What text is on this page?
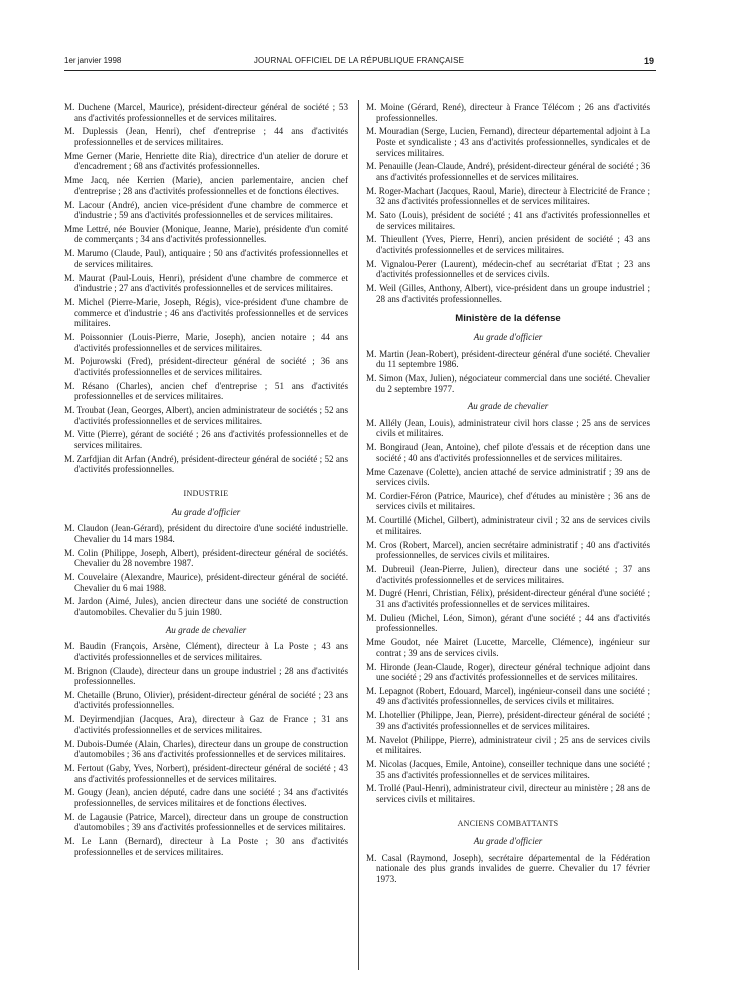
1er janvier 1998	JOURNAL OFFICIEL DE LA RÉPUBLIQUE FRANÇAISE	19

M. Duchene (Marcel, Maurice), président-directeur général de société ; 53 ans d'activités professionnelles et de services militaires.

M. Duplessis (Jean, Henri), chef d'entreprise ; 44 ans d'activités professionnelles et de services militaires.

Mme Gerner (Marie, Henriette dite Ria), directrice d'un atelier de dorure et d'encadrement ; 68 ans d'activités professionnelles.

Mme Jacq, née Kerrien (Marie), ancien parlementaire, ancien chef d'entreprise ; 28 ans d'activités professionnelles et de fonctions électives.

M. Lacour (André), ancien vice-président d'une chambre de commerce et d'industrie ; 59 ans d'activités professionnelles et de services militaires.

Mme Lettré, née Bouvier (Monique, Jeanne, Marie), présidente d'un comité de commerçants ; 34 ans d'activités professionnelles.

M. Marumo (Claude, Paul), antiquaire ; 50 ans d'activités professionnelles et de services militaires.

M. Maurat (Paul-Louis, Henri), président d'une chambre de commerce et d'industrie ; 27 ans d'activités professionnelles et de services militaires.

M. Michel (Pierre-Marie, Joseph, Régis), vice-président d'une chambre de commerce et d'industrie ; 46 ans d'activités professionnelles et de services militaires.

M. Poissonnier (Louis-Pierre, Marie, Joseph), ancien notaire ; 44 ans d'activités professionnelles et de services militaires.

M. Pojurowski (Fred), président-directeur général de société ; 36 ans d'activités professionnelles et de services militaires.

M. Résano (Charles), ancien chef d'entreprise ; 51 ans d'activités professionnelles et de services militaires.

M. Troubat (Jean, Georges, Albert), ancien administrateur de sociétés ; 52 ans d'activités professionnelles et de services militaires.

M. Vitte (Pierre), gérant de société ; 26 ans d'activités professionnelles et de services militaires.

M. Zarfdjian dit Arfan (André), président-directeur général de société ; 52 ans d'activités professionnelles.

INDUSTRIE
Au grade d'officier

M. Claudon (Jean-Gérard), président du directoire d'une société industrielle. Chevalier du 14 mars 1984.

M. Colin (Philippe, Joseph, Albert), président-directeur général de sociétés. Chevalier du 28 novembre 1987.

M. Couvelaire (Alexandre, Maurice), président-directeur général de société. Chevalier du 6 mai 1988.

M. Jardon (Aimé, Jules), ancien directeur dans une société de construction d'automobiles. Chevalier du 5 juin 1980.

Au grade de chevalier

M. Baudin (François, Arsène, Clément), directeur à La Poste ; 43 ans d'activités professionnelles et de services militaires.

M. Brignon (Claude), directeur dans un groupe industriel ; 28 ans d'activités professionnelles.

M. Chetaille (Bruno, Olivier), président-directeur général de société ; 23 ans d'activités professionnelles.

M. Deyirmendjian (Jacques, Ara), directeur à Gaz de France ; 31 ans d'activités professionnelles et de services militaires.

M. Dubois-Dumée (Alain, Charles), directeur dans un groupe de construction d'automobiles ; 36 ans d'activités professionnelles et de services militaires.

M. Fertout (Gaby, Yves, Norbert), président-directeur général de société ; 43 ans d'activités professionnelles et de services militaires.

M. Gougy (Jean), ancien député, cadre dans une société ; 34 ans d'activités professionnelles, de services militaires et de fonctions électives.

M. de Lagausie (Patrice, Marcel), directeur dans un groupe de construction d'automobiles ; 39 ans d'activités professionnelles et de services militaires.

M. Le Lann (Bernard), directeur à La Poste ; 30 ans d'activités professionnelles et de services militaires.

M. Moine (Gérard, René), directeur à France Télécom ; 26 ans d'activités professionnelles.

M. Mouradian (Serge, Lucien, Fernand), directeur départemental adjoint à La Poste et syndicaliste ; 43 ans d'activités professionnelles, syndicales et de services militaires.

M. Penauille (Jean-Claude, André), président-directeur général de société ; 36 ans d'activités professionnelles et de services militaires.

M. Roger-Machart (Jacques, Raoul, Marie), directeur à Electricité de France ; 32 ans d'activités professionnelles et de services militaires.

M. Sato (Louis), président de société ; 41 ans d'activités professionnelles et de services militaires.

M. Thieullent (Yves, Pierre, Henri), ancien président de société ; 43 ans d'activités professionnelles et de services militaires.

M. Vignalou-Perer (Laurent), médecin-chef au secrétariat d'Etat ; 23 ans d'activités professionnelles et de services civils.

M. Weil (Gilles, Anthony, Albert), vice-président dans un groupe industriel ; 28 ans d'activités professionnelles.

Ministère de la défense
Au grade d'officier

M. Martin (Jean-Robert), président-directeur général d'une société. Chevalier du 11 septembre 1986.

M. Simon (Max, Julien), négociateur commercial dans une société. Chevalier du 2 septembre 1977.

Au grade de chevalier

M. Allély (Jean, Louis), administrateur civil hors classe ; 25 ans de services civils et militaires.

M. Bongiraud (Jean, Antoine), chef pilote d'essais et de réception dans une société ; 40 ans d'activités professionnelles et de services militaires.

Mme Cazenave (Colette), ancien attaché de service administratif ; 39 ans de services civils.

M. Cordier-Féron (Patrice, Maurice), chef d'études au ministère ; 36 ans de services civils et militaires.

M. Courtillé (Michel, Gilbert), administrateur civil ; 32 ans de services civils et militaires.

M. Cros (Robert, Marcel), ancien secrétaire administratif ; 40 ans d'activités professionnelles, de services civils et militaires.

M. Dubreuil (Jean-Pierre, Julien), directeur dans une société ; 37 ans d'activités professionnelles et de services militaires.

M. Dugré (Henri, Christian, Félix), président-directeur général d'une société ; 31 ans d'activités professionnelles et de services militaires.

M. Dulieu (Michel, Léon, Simon), gérant d'une société ; 44 ans d'activités professionnelles.

Mme Goudot, née Mairet (Lucette, Marcelle, Clémence), ingénieur sur contrat ; 39 ans de services civils.

M. Hironde (Jean-Claude, Roger), directeur général technique adjoint dans une société ; 29 ans d'activités professionnelles et de services militaires.

M. Lepagnot (Robert, Edouard, Marcel), ingénieur-conseil dans une société ; 49 ans d'activités professionnelles, de services civils et militaires.

M. Lhotellier (Philippe, Jean, Pierre), président-directeur général de société ; 39 ans d'activités professionnelles et de services militaires.

M. Navelot (Philippe, Pierre), administrateur civil ; 25 ans de services civils et militaires.

M. Nicolas (Jacques, Emile, Antoine), conseiller technique dans une société ; 35 ans d'activités professionnelles et de services militaires.

M. Trollé (Paul-Henri), administrateur civil, directeur au ministère ; 28 ans de services civils et militaires.

ANCIENS COMBATTANTS
Au grade d'officier

M. Casal (Raymond, Joseph), secrétaire départemental de la Fédération nationale des plus grands invalides de guerre. Chevalier du 17 février 1973.
